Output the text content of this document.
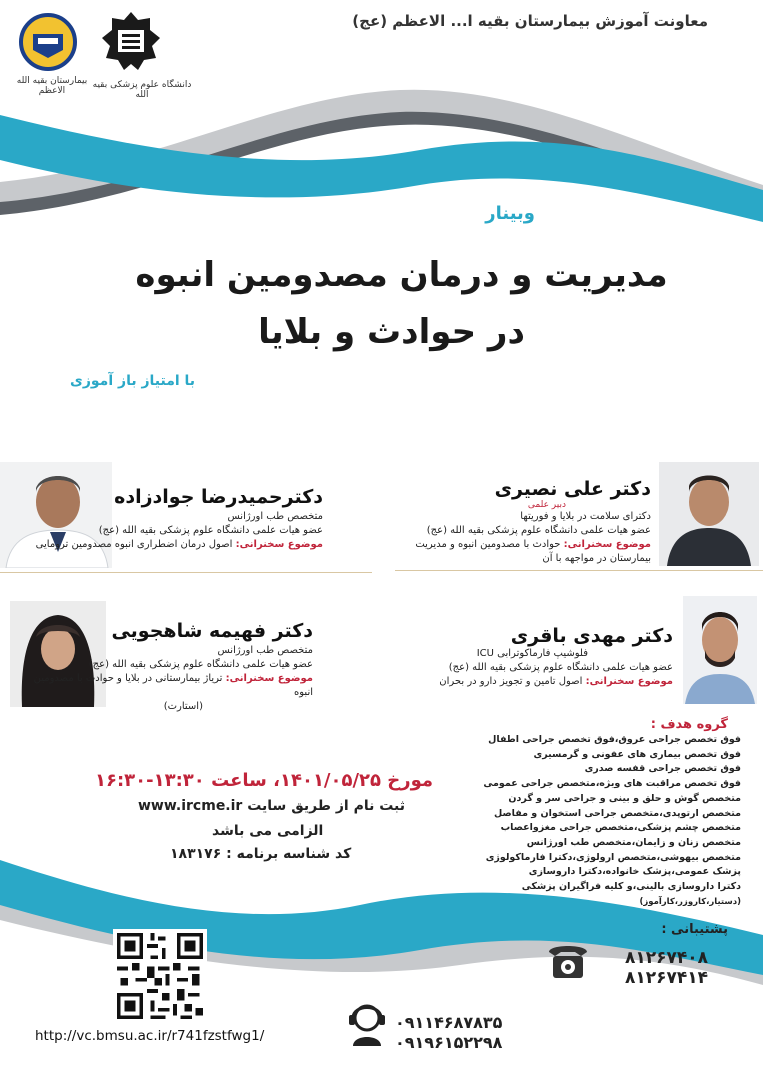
معاونت آموزش بیمارستان بقیه ا... الاعظم (عج)
بیمارستان بقیه الله الاعظم
دانشگاه علوم پزشکی بقیه الله
وبینار
مدیریت و درمان مصدومین انبوه
در حوادث و بلایا
با امتیاز باز آموزی
دکتر علی نصیری
دبیر علمی
دکترای سلامت در بلایا و فوریتها
عضو هیات علمی دانشگاه علوم پزشکی بقیه الله (عج)
موضوع سخنرانی: حوادث با مصدومین انبوه و مدیریت
بیمارستان در مواجهه با آن
دکترحمیدرضا جوادزاده
متخصص طب اورژانس
عضو هیات علمی دانشگاه علوم پزشکی بقیه الله (عج)
موضوع سخنرانی: اصول درمان اضطراری انبوه مصدومین ترومایی
دکتر مهدی باقری
فلوشیپ فارماکوترابی ICU
عضو هیات علمی دانشگاه علوم پزشکی بقیه الله (عج)
موضوع سخنرانی: اصول تامین و تجویز دارو در بحران
دکتر فهیمه شاهجویی
متخصص طب اورژانس
عضو هیات علمی دانشگاه علوم پزشکی بقیه الله (عج)
موضوع سخنرانی: تریاژ بیمارستانی در بلایا و حوادث با مصدومین انبوه
(استارت)
مورخ ۱۴۰۱/۰۵/۲۵، ساعت ۱۳:۳۰-۱۶:۳۰
ثبت نام از طریق سایت www.ircme.ir
الزامی می باشد
کد شناسه برنامه : ۱۸۳۱۷۶
گروه هدف :
فوق تخصص جراحی عروق،فوق تخصص جراحی اطفال
فوق تخصص بیماری های عفونی و گرمسیری
فوق تخصص جراحی قفسه صدری
فوق تخصص مراقبت های ویژه،متخصص جراحی عمومی
متخصص گوش و حلق و بینی و جراحی سر و گردن
متخصص ارتوپدی،متخصص جراحی استخوان و مفاصل
متخصص چشم پزشکی،متخصص جراحی مغزواعصاب
متخصص زنان و زایمان،متخصص طب اورژانس
متخصص بیهوشی،متخصص ارولوژی،دکترا فارماکولوژی
پزشک عمومی،پزشک خانواده،دکترا داروسازی
دکترا داروسازی بالینی،و کلیه فراگیران پزشکی
(دستیار،کاروزر،کارآموز)
پشتیبانی :
۸۱۲۶۷۴۰۸
۸۱۲۶۷۴۱۴
۰۹۱۱۴۶۸۷۸۳۵
۰۹۱۹۶۱۵۲۲۹۸
http://vc.bmsu.ac.ir/r741fzstfwg1/
